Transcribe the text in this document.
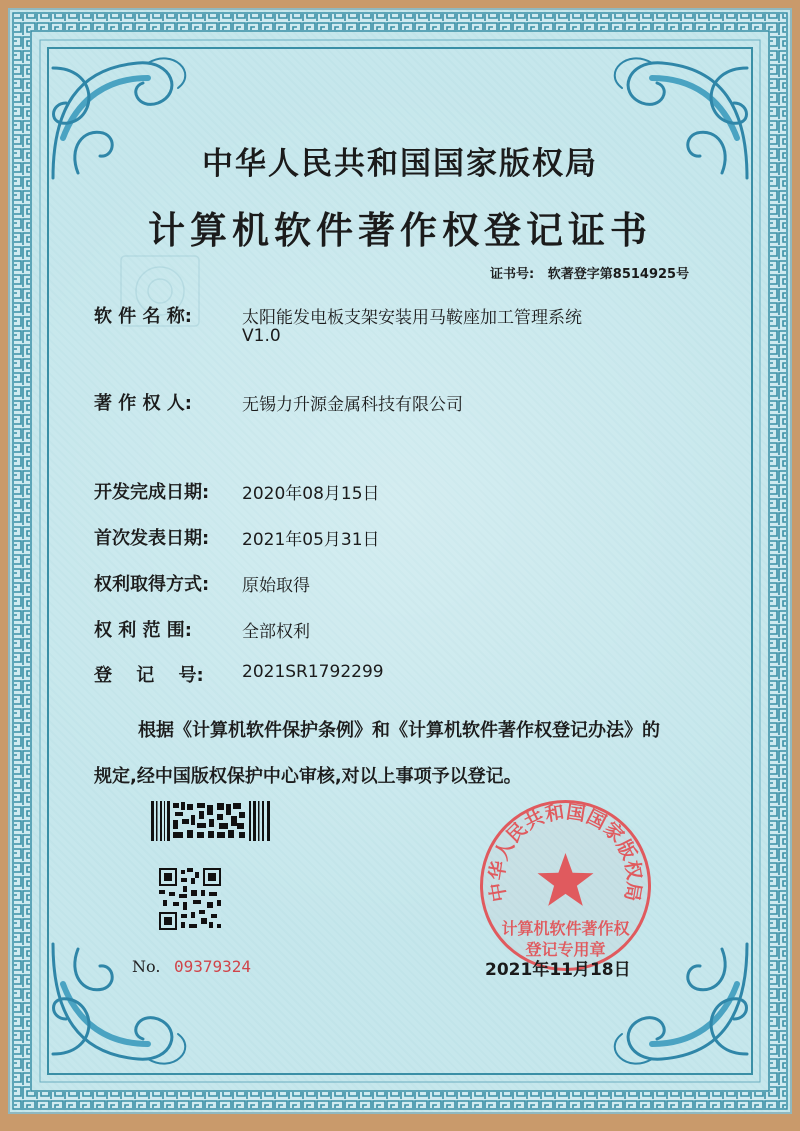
中华人民共和国国家版权局
计算机软件著作权登记证书
证书号: 软著登字第8514925号
软 件 名 称:	太阳能发电板支架安装用马鞍座加工管理系统
V1.0
著 作 权 人:	无锡力升源金属科技有限公司
开发完成日期:	2020年08月15日
首次发表日期:	2021年05月31日
权利取得方式:	原始取得
权 利 范 围:	全部权利
登 记 号:	2021SR1792299
根据《计算机软件保护条例》和《计算机软件著作权登记办法》的
规定,经中国版权保护中心审核,对以上事项予以登记。
No. 09379324
中华人民共和国国家版权局
计算机软件著作权
登记专用章
2021年11月18日
